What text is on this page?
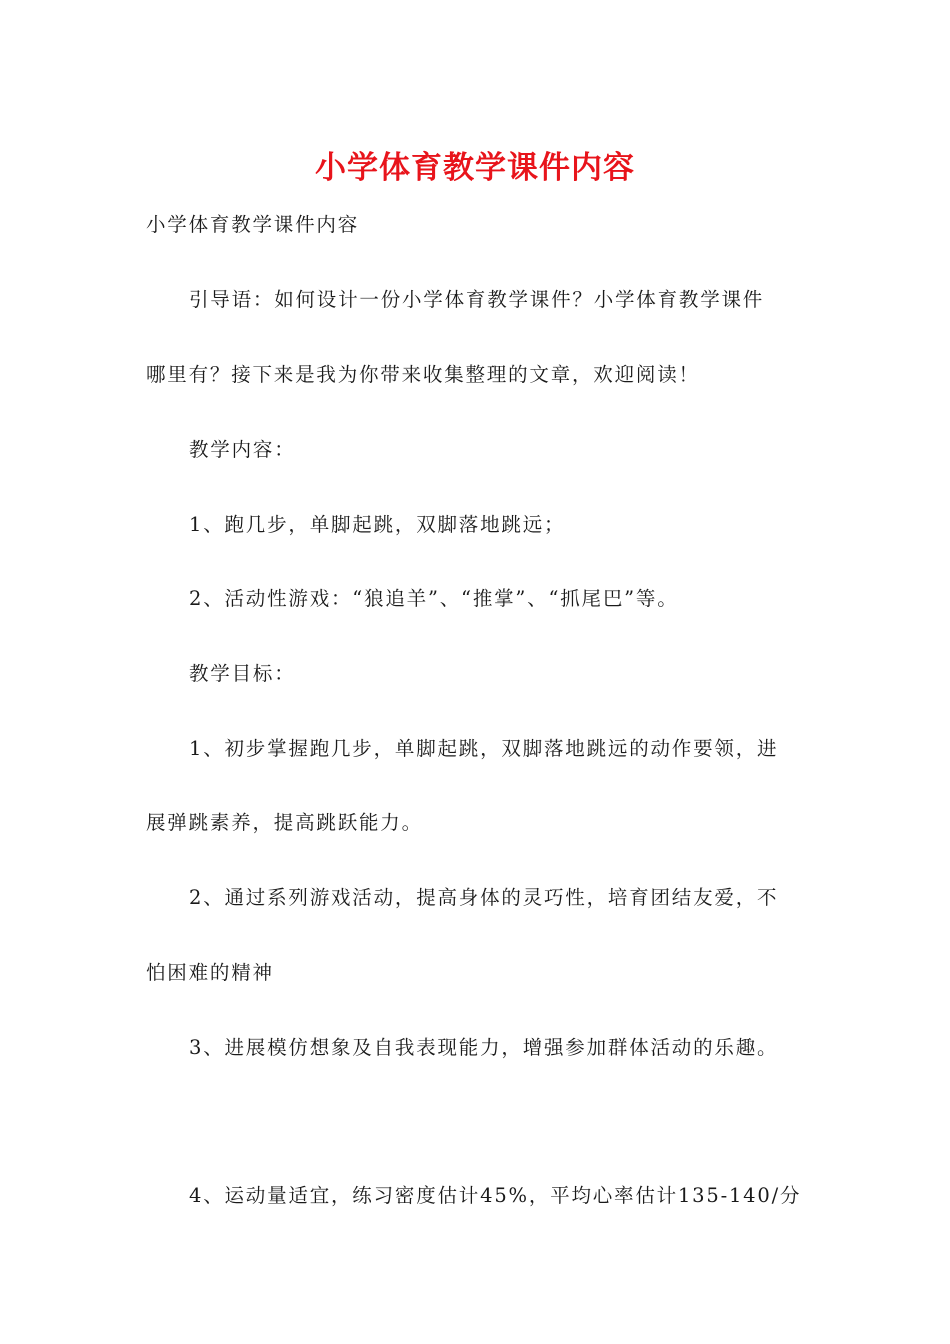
小学体育教学课件内容
小学体育教学课件内容
引导语：如何设计一份小学体育教学课件？小学体育教学课件
哪里有？接下来是我为你带来收集整理的文章，欢迎阅读！
教学内容：
1、跑几步，单脚起跳，双脚落地跳远；
2、活动性游戏：“狼追羊”、“推掌”、“抓尾巴”等。
教学目标：
1、初步掌握跑几步，单脚起跳，双脚落地跳远的动作要领，进
展弹跳素养，提高跳跃能力。
2、通过系列游戏活动，提高身体的灵巧性，培育团结友爱，不
怕困难的精神
3、进展模仿想象及自我表现能力，增强参加群体活动的乐趣。
4、运动量适宜，练习密度估计45%，平均心率估计135-140/分
